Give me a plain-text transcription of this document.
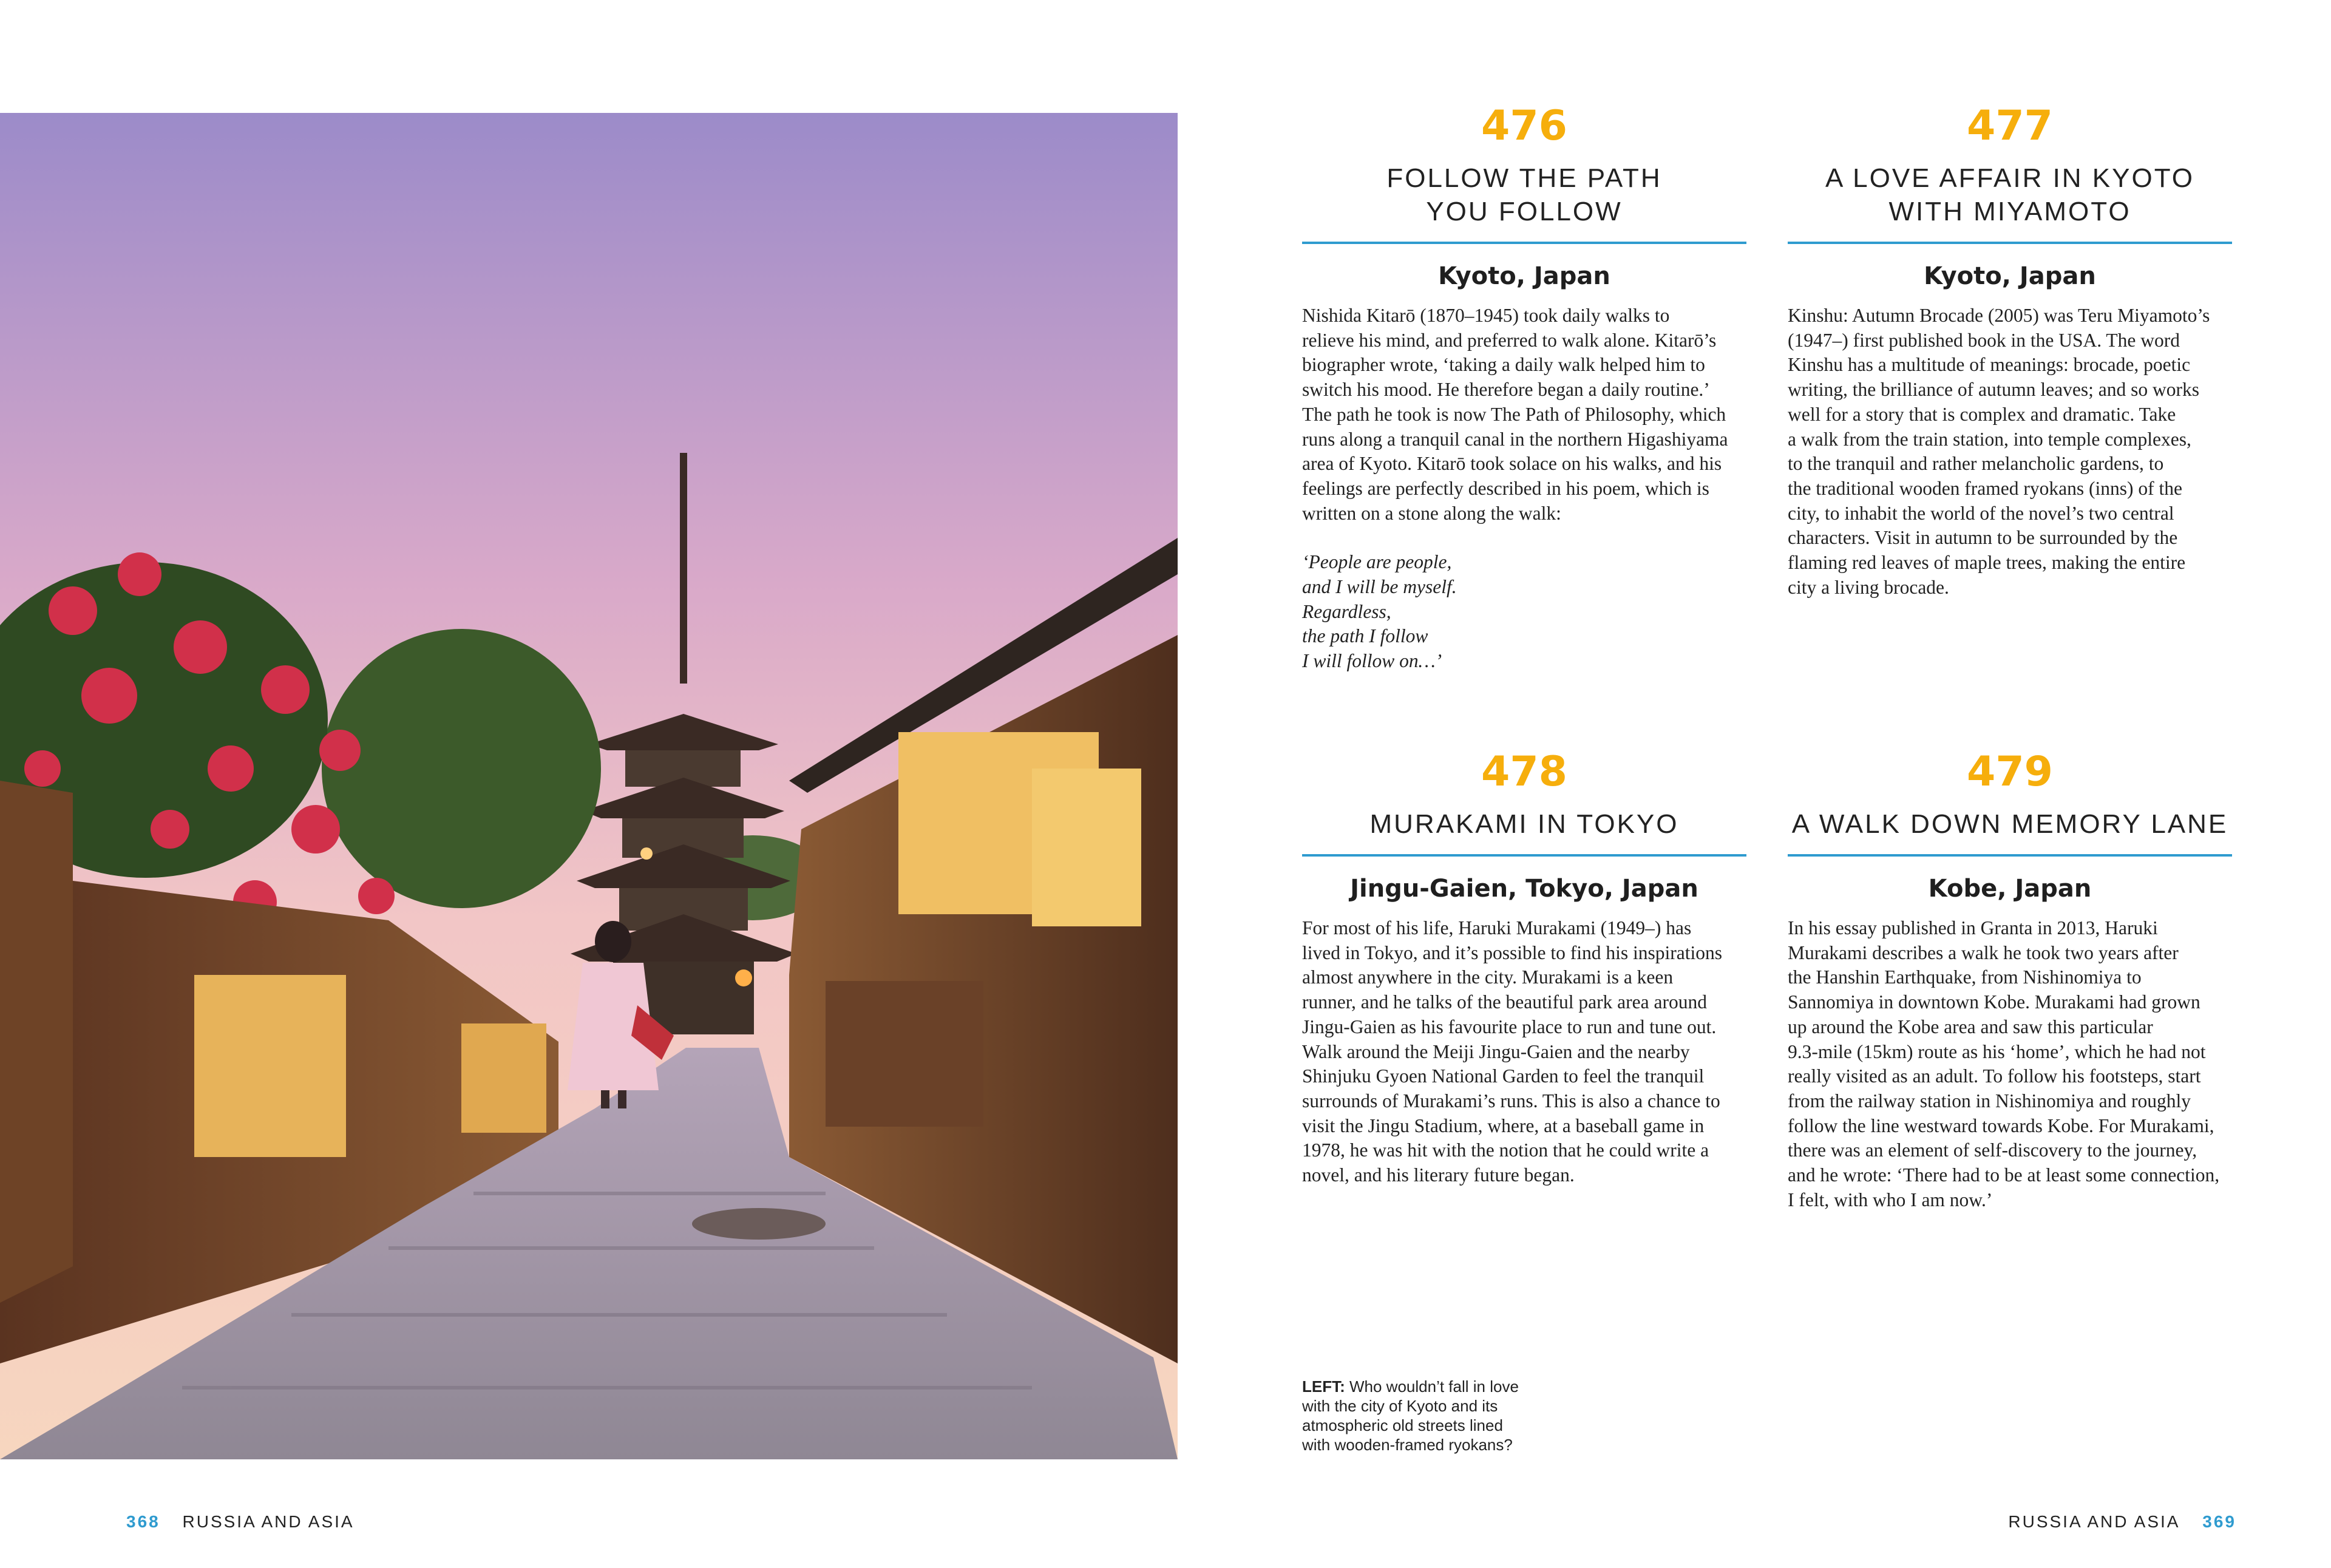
476
FOLLOW THE PATH
YOU FOLLOW
Kyoto, Japan
Nishida Kitarō (1870–1945) took daily walks to
relieve his mind, and preferred to walk alone. Kitarō’s
biographer wrote, ‘taking a daily walk helped him to
switch his mood. He therefore began a daily routine.’
The path he took is now The Path of Philosophy, which
runs along a tranquil canal in the northern Higashiyama
area of Kyoto. Kitarō took solace on his walks, and his
feelings are perfectly described in his poem, which is
written on a stone along the walk:
‘People are people,
and I will be myself.
Regardless,
the path I follow
I will follow on…’
477
A LOVE AFFAIR IN KYOTO
WITH MIYAMOTO
Kyoto, Japan
Kinshu: Autumn Brocade (2005) was Teru Miyamoto’s
(1947–) first published book in the USA. The word
Kinshu has a multitude of meanings: brocade, poetic
writing, the brilliance of autumn leaves; and so works
well for a story that is complex and dramatic. Take
a walk from the train station, into temple complexes,
to the tranquil and rather melancholic gardens, to
the traditional wooden framed ryokans (inns) of the
city, to inhabit the world of the novel’s two central
characters. Visit in autumn to be surrounded by the
flaming red leaves of maple trees, making the entire
city a living brocade.
478
MURAKAMI IN TOKYO
Jingu-Gaien, Tokyo, Japan
For most of his life, Haruki Murakami (1949–) has
lived in Tokyo, and it’s possible to find his inspirations
almost anywhere in the city. Murakami is a keen
runner, and he talks of the beautiful park area around
Jingu-Gaien as his favourite place to run and tune out.
Walk around the Meiji Jingu-Gaien and the nearby
Shinjuku Gyoen National Garden to feel the tranquil
surrounds of Murakami’s runs. This is also a chance to
visit the Jingu Stadium, where, at a baseball game in
1978, he was hit with the notion that he could write a
novel, and his literary future began.
479
A WALK DOWN MEMORY LANE
Kobe, Japan
In his essay published in Granta in 2013, Haruki
Murakami describes a walk he took two years after
the Hanshin Earthquake, from Nishinomiya to
Sannomiya in downtown Kobe. Murakami had grown
up around the Kobe area and saw this particular
9.3-mile (15km) route as his ‘home’, which he had not
really visited as an adult. To follow his footsteps, start
from the railway station in Nishinomiya and roughly
follow the line westward towards Kobe. For Murakami,
there was an element of self-discovery to the journey,
and he wrote: ‘There had to be at least some connection,
I felt, with who I am now.’
LEFT: Who wouldn’t fall in love
with the city of Kyoto and its
atmospheric old streets lined
with wooden-framed ryokans?
368 RUSSIA AND ASIA	RUSSIA AND ASIA 369
